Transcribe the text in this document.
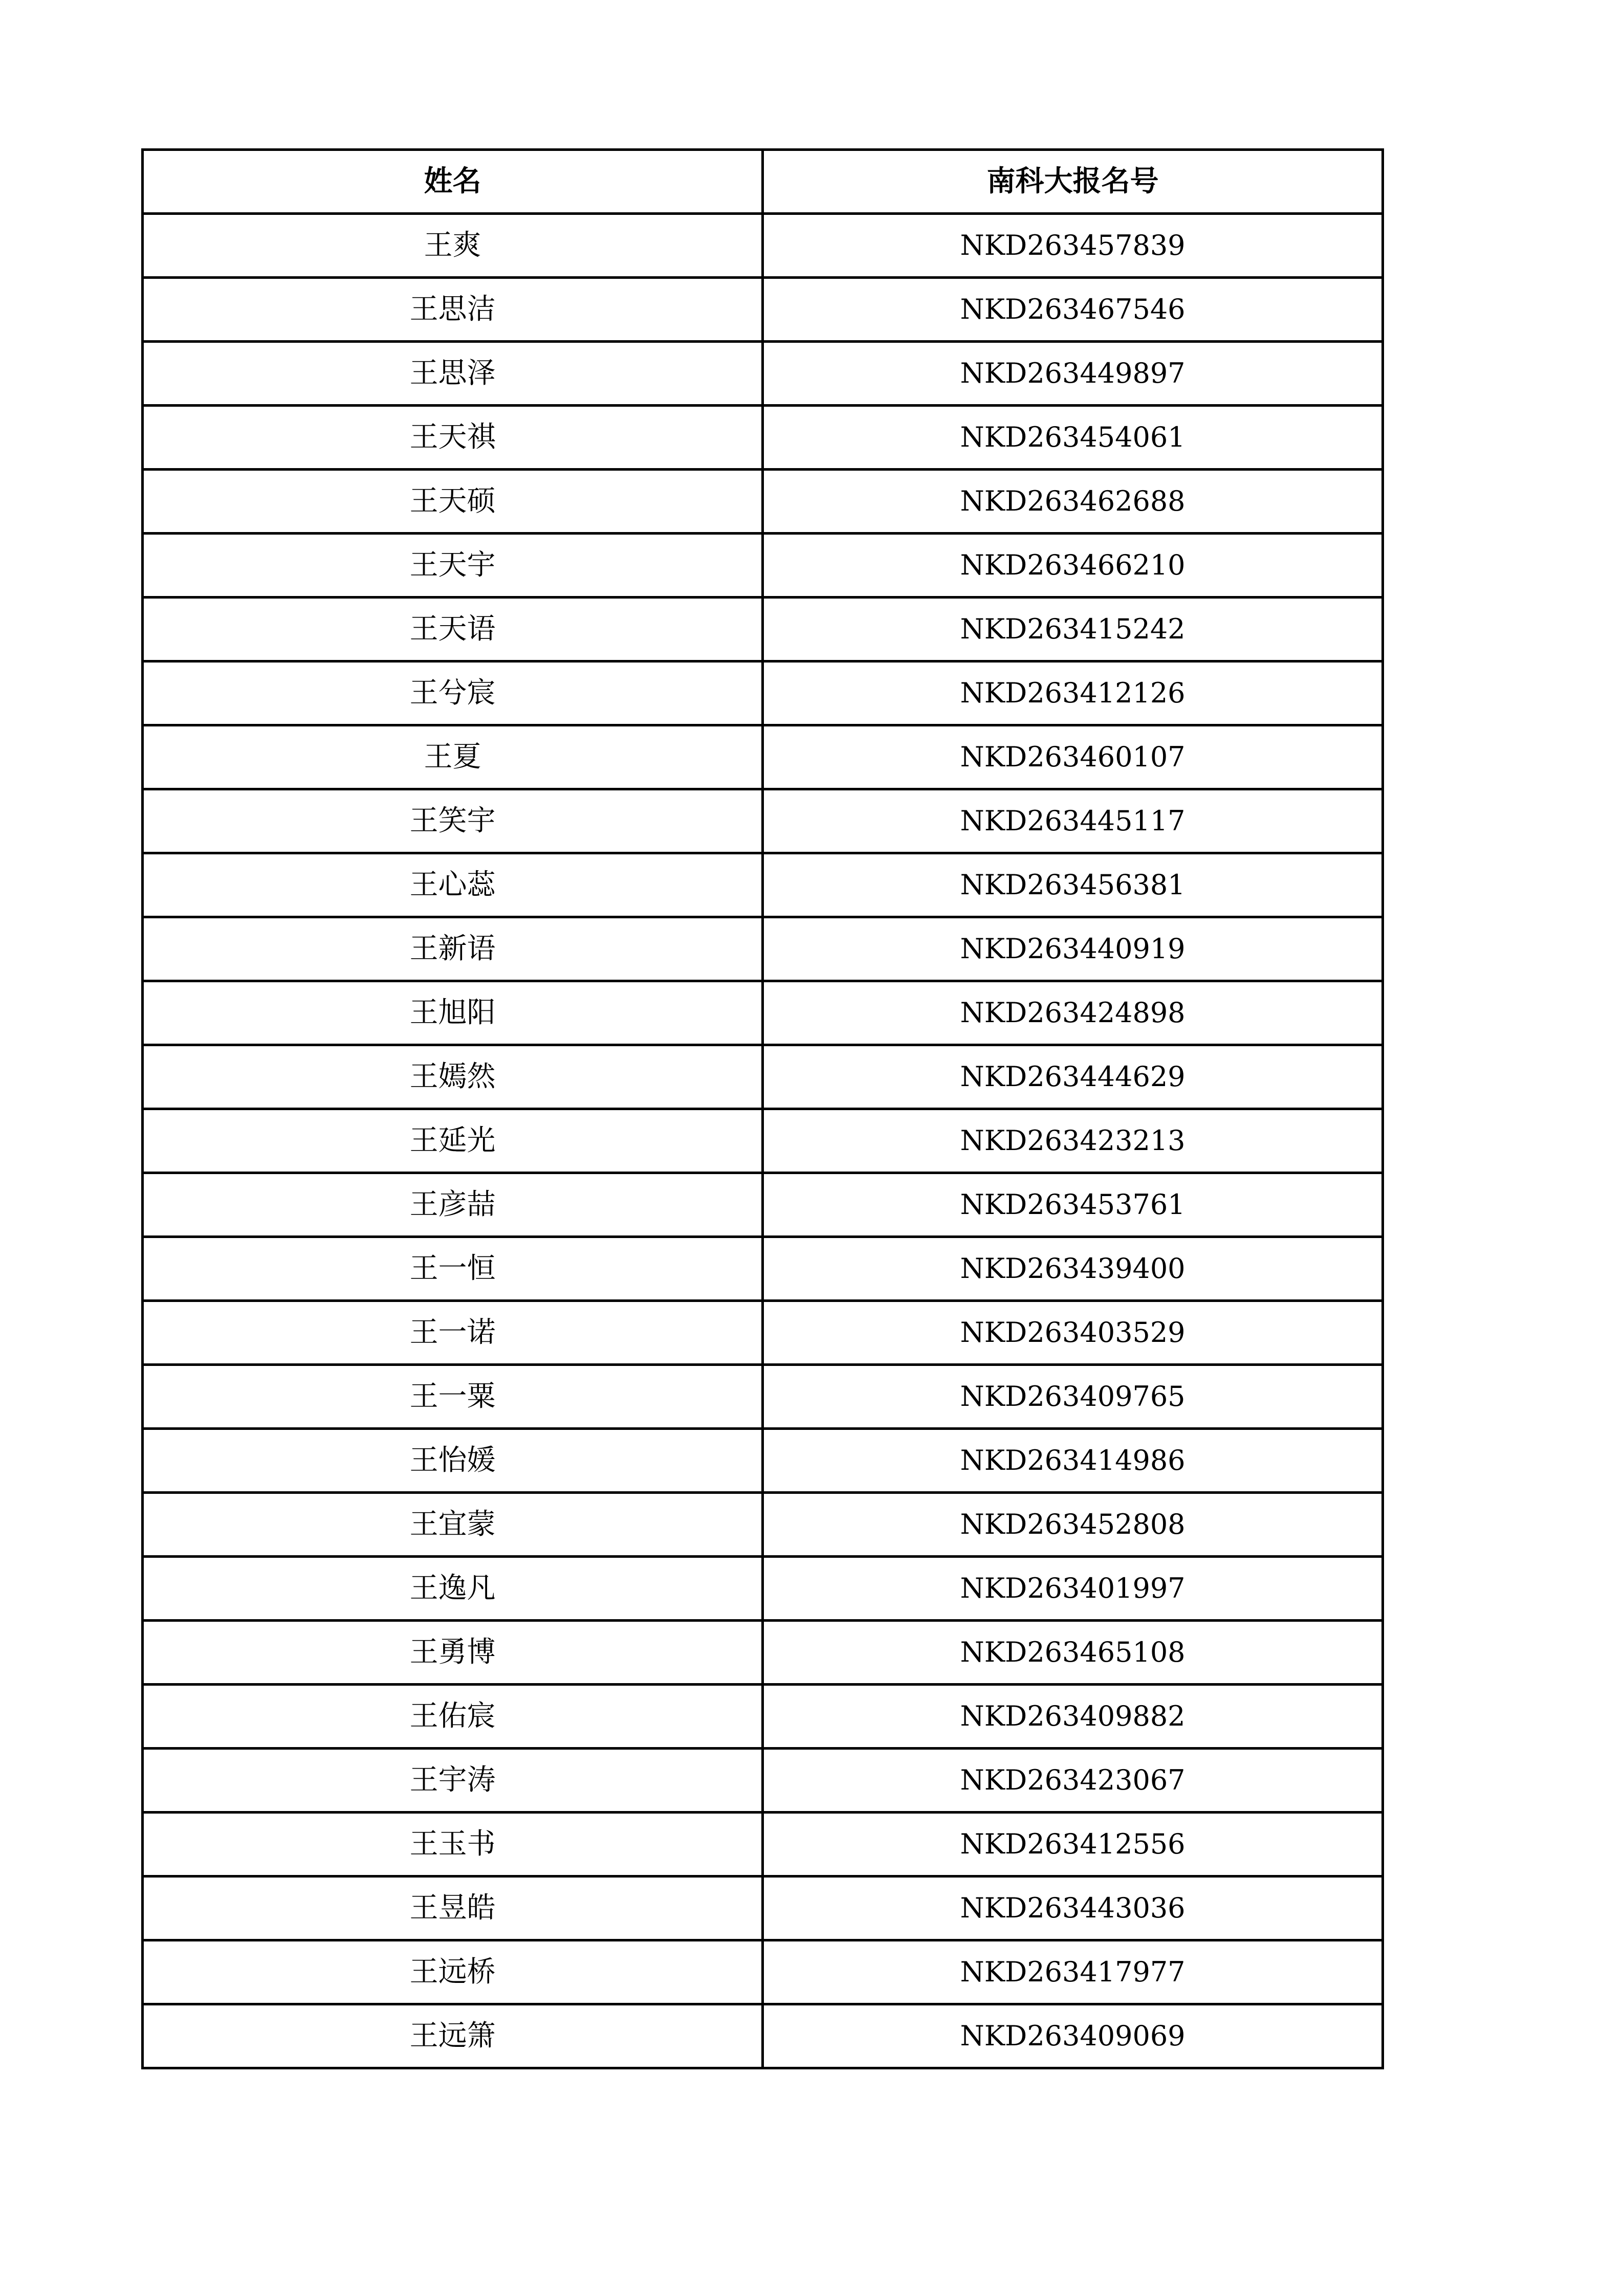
姓名	南科大报名号
王爽	NKD263457839
王思洁	NKD263467546
王思泽	NKD263449897
王天祺	NKD263454061
王天硕	NKD263462688
王天宇	NKD263466210
王天语	NKD263415242
王兮宸	NKD263412126
王夏	NKD263460107
王笑宇	NKD263445117
王心蕊	NKD263456381
王新语	NKD263440919
王旭阳	NKD263424898
王嫣然	NKD263444629
王延光	NKD263423213
王彦喆	NKD263453761
王一恒	NKD263439400
王一诺	NKD263403529
王一粟	NKD263409765
王怡媛	NKD263414986
王宜蒙	NKD263452808
王逸凡	NKD263401997
王勇博	NKD263465108
王佑宸	NKD263409882
王宇涛	NKD263423067
王玉书	NKD263412556
王昱皓	NKD263443036
王远桥	NKD263417977
王远箫	NKD263409069
